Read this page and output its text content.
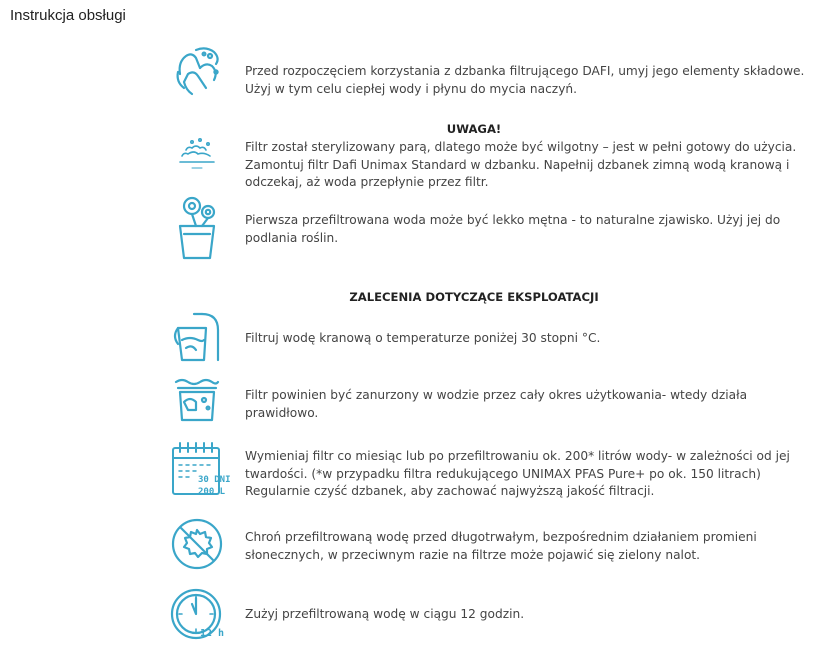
Instrukcja obsługi

Przed rozpoczęciem korzystania z dzbanka filtrującego DAFI, umyj jego elementy składowe.

Użyj w tym celu ciepłej wody i płynu do mycia naczyń.

UWAGA!

Filtr został sterylizowany parą, dlatego może być wilgotny – jest w pełni gotowy do użycia.

Zamontuj filtr Dafi Unimax Standard w dzbanku. Napełnij dzbanek zimną wodą kranową i

odczekaj, aż woda przepłynie przez filtr.

Pierwsza przefiltrowana woda może być lekko mętna - to naturalne zjawisko. Użyj jej do

podlania roślin.

ZALECENIA DOTYCZĄCE EKSPLOATACJI

Filtruj wodę kranową o temperaturze poniżej 30 stopni °C.

Filtr powinien być zanurzony w wodzie przez cały okres użytkowania- wtedy działa

prawidłowo.

30 DNI
200 L

Wymieniaj filtr co miesiąc lub po przefiltrowaniu ok. 200* litrów wody- w zależności od jej

twardości. (*w przypadku filtra redukującego UNIMAX PFAS Pure+ po ok. 150 litrach)

Regularnie czyść dzbanek, aby zachować najwyższą jakość filtracji.

Chroń przefiltrowaną wodę przed długotrwałym, bezpośrednim działaniem promieni

słonecznych, w przeciwnym razie na filtrze może pojawić się zielony nalot.

12 h

Zużyj przefiltrowaną wodę w ciągu 12 godzin.
